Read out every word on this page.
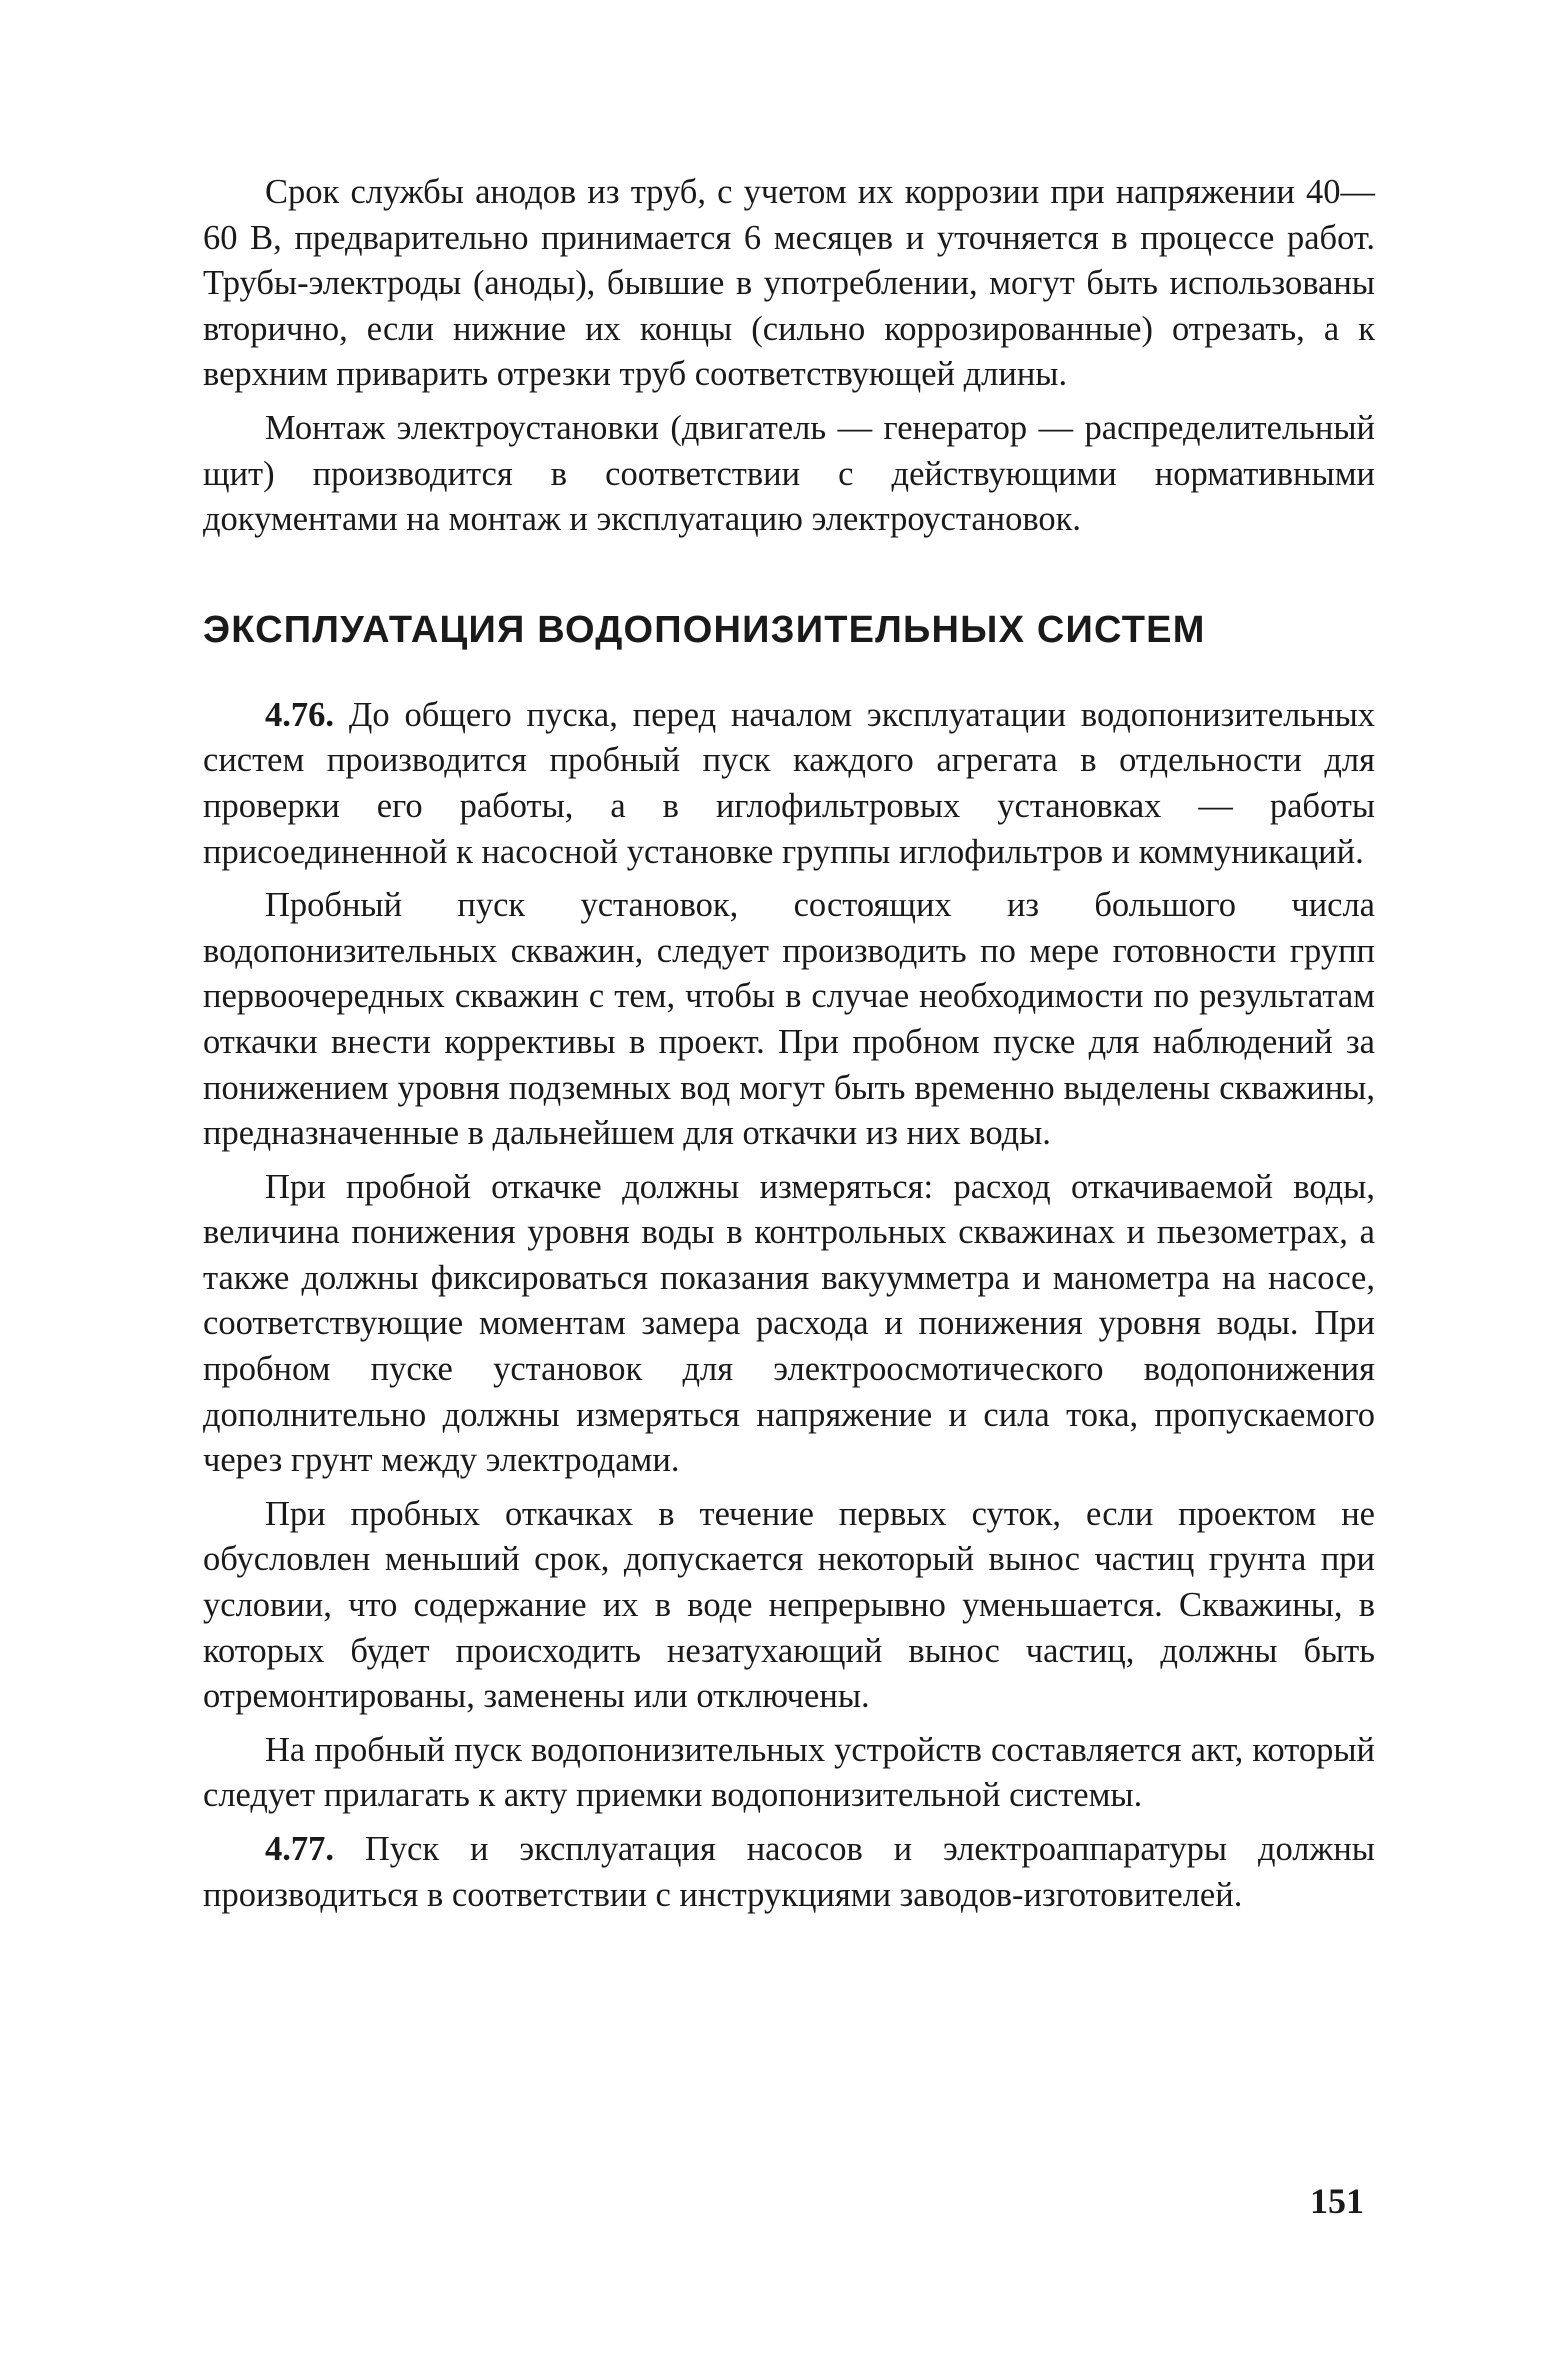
Срок службы анодов из труб, с учетом их коррозии при напряжении 40—60 В, предварительно принимается 6 месяцев и уточняется в процессе работ. Трубы-электроды (аноды), бывшие в употреблении, могут быть использованы вторично, если нижние их концы (сильно коррозированные) отрезать, а к верхним приварить отрезки труб соответствующей длины.

Монтаж электроустановки (двигатель — генератор — распределительный щит) производится в соответствии с действующими нормативными документами на монтаж и эксплуатацию электроустановок.

ЭКСПЛУАТАЦИЯ ВОДОПОНИЗИТЕЛЬНЫХ СИСТЕМ

4.76. До общего пуска, перед началом эксплуатации водопонизительных систем производится пробный пуск каждого агрегата в отдельности для проверки его работы, а в иглофильтровых установках — работы присоединенной к насосной установке группы иглофильтров и коммуникаций.

Пробный пуск установок, состоящих из большого числа водопонизительных скважин, следует производить по мере готовности групп первоочередных скважин с тем, чтобы в случае необходимости по результатам откачки внести коррективы в проект. При пробном пуске для наблюдений за понижением уровня подземных вод могут быть временно выделены скважины, предназначенные в дальнейшем для откачки из них воды.

При пробной откачке должны измеряться: расход откачиваемой воды, величина понижения уровня воды в контрольных скважинах и пьезометрах, а также должны фиксироваться показания вакуумметра и манометра на насосе, соответствующие моментам замера расхода и понижения уровня воды. При пробном пуске установок для электроосмотического водопонижения дополнительно должны измеряться напряжение и сила тока, пропускаемого через грунт между электродами.

При пробных откачках в течение первых суток, если проектом не обусловлен меньший срок, допускается некоторый вынос частиц грунта при условии, что содержание их в воде непрерывно уменьшается. Скважины, в которых будет происходить незатухающий вынос частиц, должны быть отремонтированы, заменены или отключены.

На пробный пуск водопонизительных устройств составляется акт, который следует прилагать к акту приемки водопонизительной системы.

4.77. Пуск и эксплуатация насосов и электроаппаратуры должны производиться в соответствии с инструкциями заводов-изготовителей.

151
